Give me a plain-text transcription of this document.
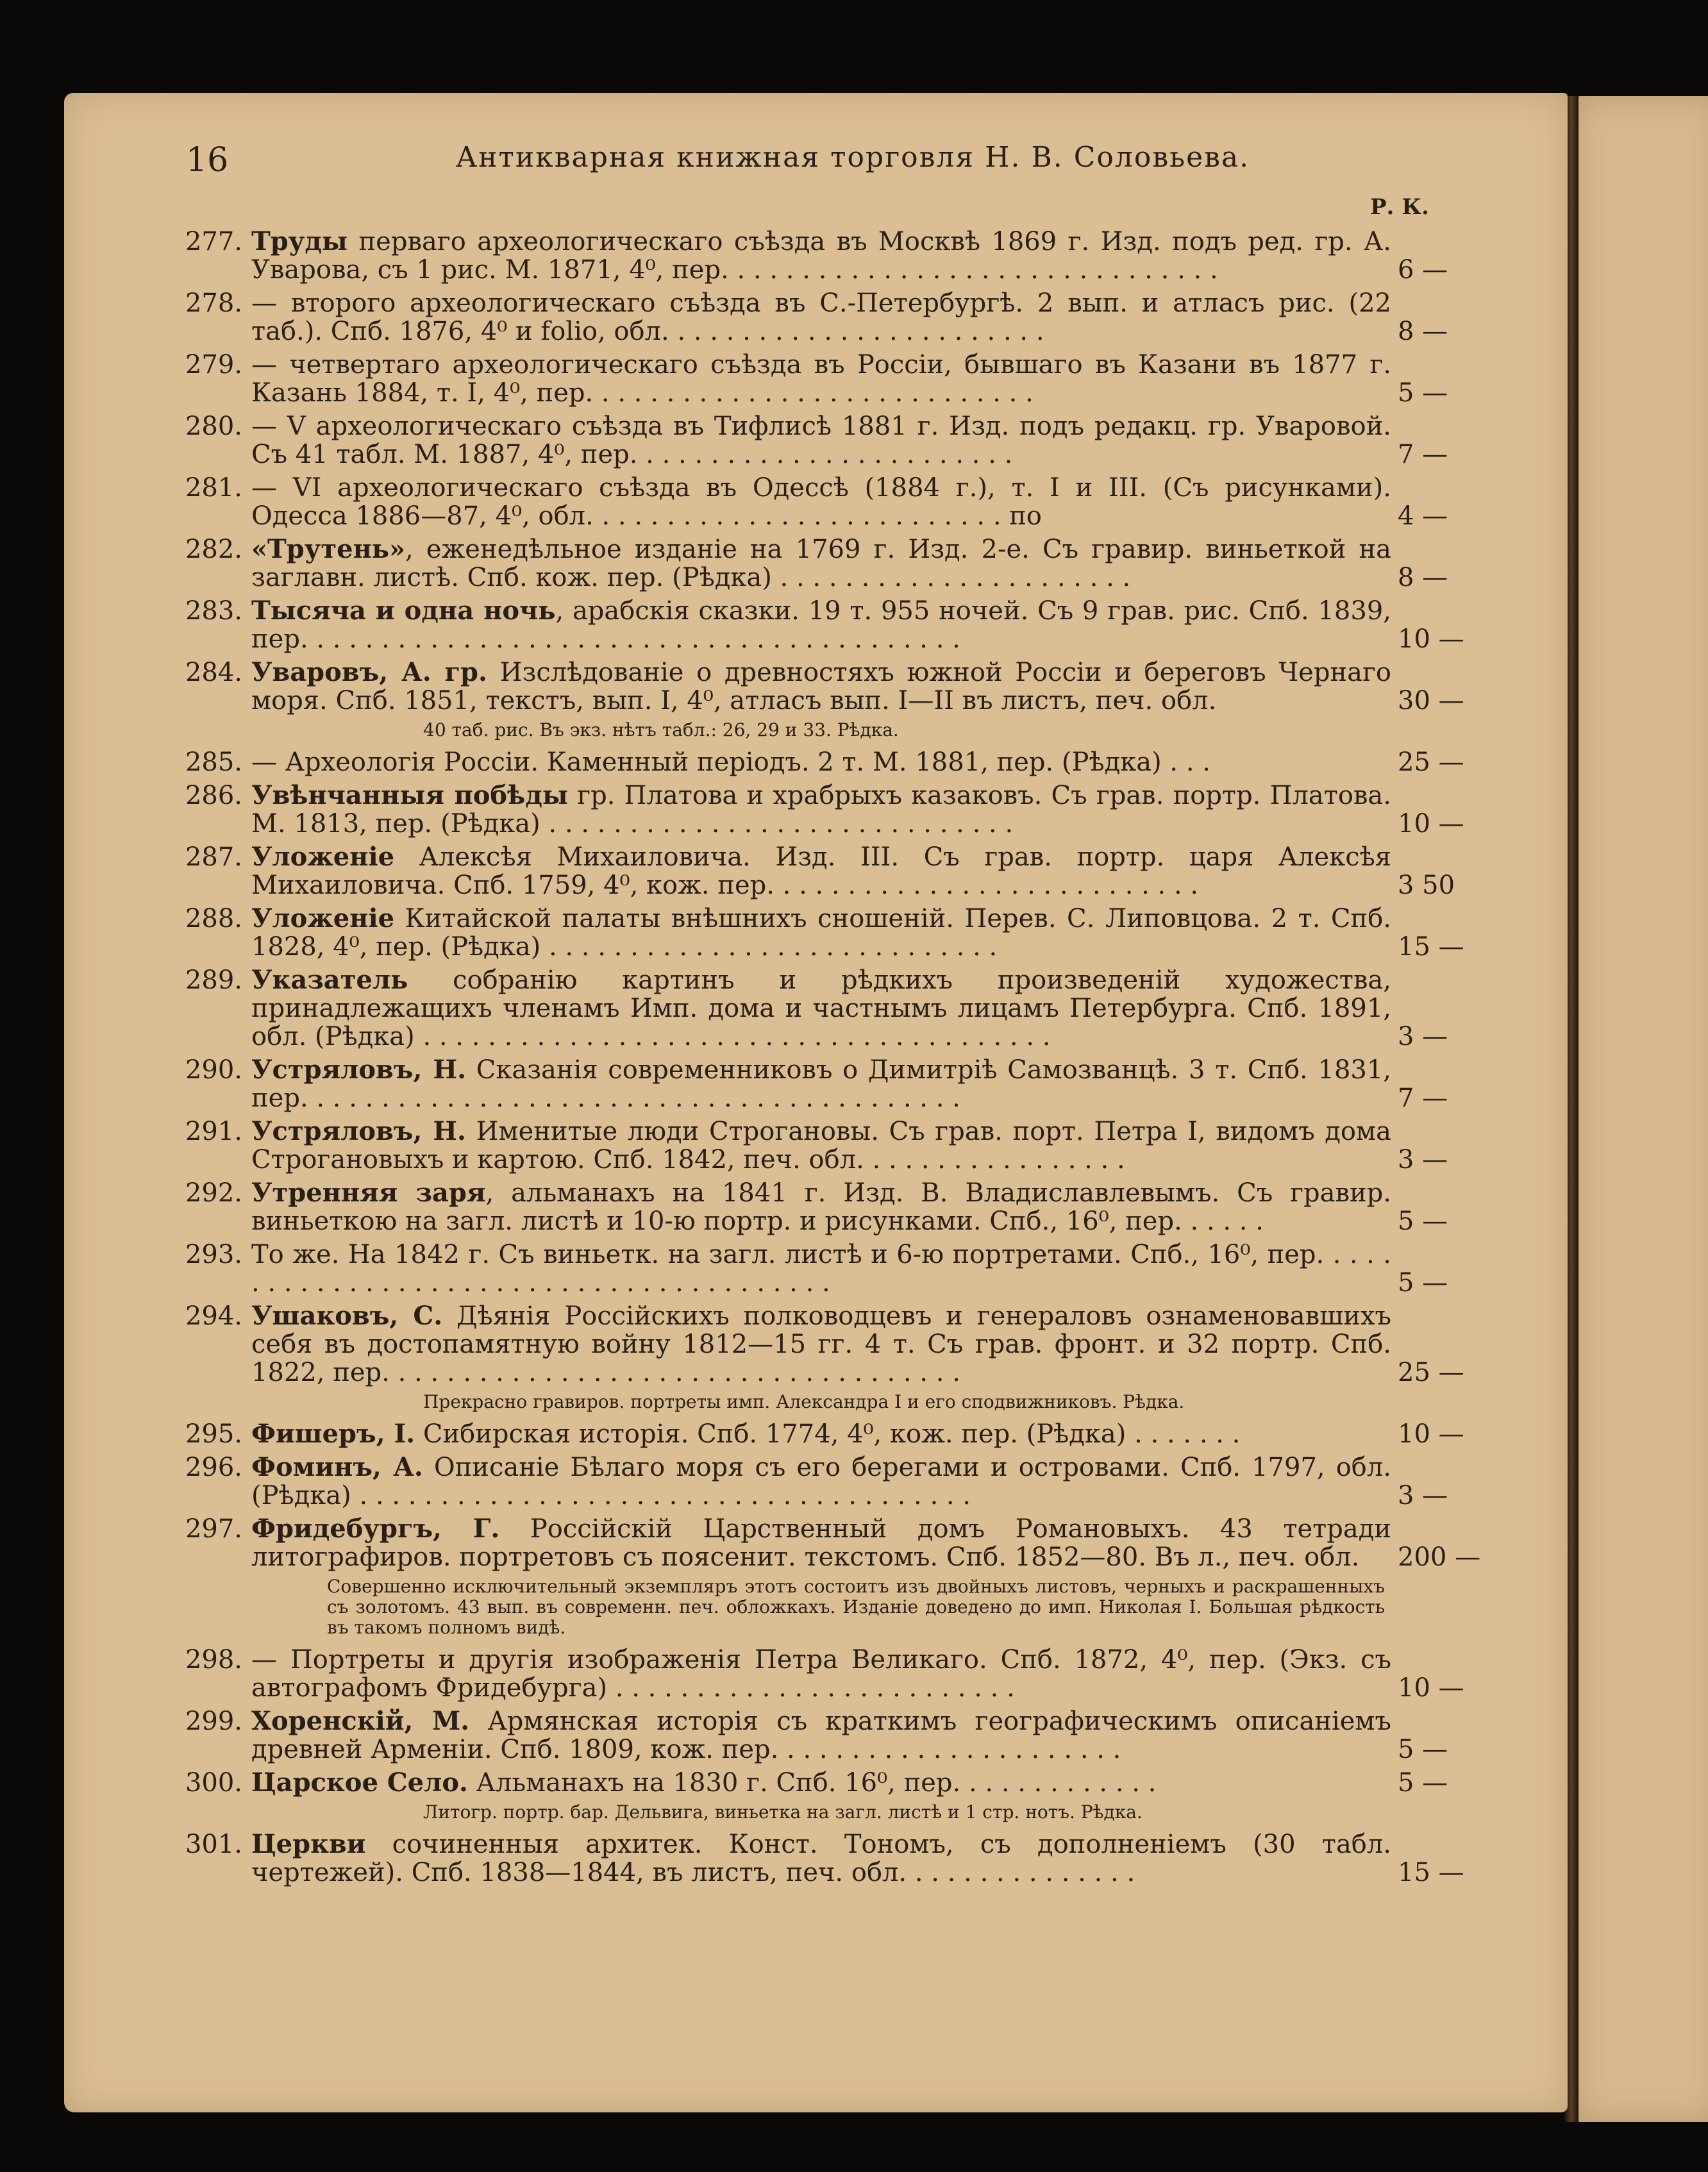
16	Антикварная книжная торговля Н. В. Соловьева.
Р. К.
277. Труды перваго археологическаго съѣзда въ Москвѣ 1869 г. Изд. подъ ред. гр. А. Уварова, съ 1 рис. М. 1871, 4⁰, пер. . . . . . . . . . . . . . . . . . . . . . . . . . . . . . .	6 —
278. — второго археологическаго съѣзда въ С.-Петербургѣ. 2 вып. и атласъ рис. (22 таб.). Спб. 1876, 4⁰ и folio, обл. . . . . . . . . . . . . . . . . . . . . . . .	8 —
279. — четвертаго археологическаго съѣзда въ Россіи, бывшаго въ Казани въ 1877 г. Казань 1884, т. I, 4⁰, пер. . . . . . . . . . . . . . . . . . . . . . . . . . . .	5 —
280. — V археологическаго съѣзда въ Тифлисѣ 1881 г. Изд. подъ редакц. гр. Уваровой. Съ 41 табл. М. 1887, 4⁰, пер. . . . . . . . . . . . . . . . . . . . . . . .	7 —
281. — VI археологическаго съѣзда въ Одессѣ (1884 г.), т. I и III. (Съ рисунками). Одесса 1886—87, 4⁰, обл. . . . . . . . . . . . . . . . . . . . . . . . . . по	4 —
282. «Трутень», еженедѣльное изданіе на 1769 г. Изд. 2-е. Съ гравир. виньеткой на заглавн. листѣ. Спб. кож. пер. (Рѣдка) . . . . . . . . . . . . . . . . . . . . . .	8 —
283. Тысяча и одна ночь, арабскія сказки. 19 т. 955 ночей. Съ 9 грав. рис. Спб. 1839, пер. . . . . . . . . . . . . . . . . . . . . . . . . . . . . . . . . . . . . . . . .	10 —
284. Уваровъ, А. гр. Изслѣдованіе о древностяхъ южной Россіи и береговъ Чернаго моря. Спб. 1851, текстъ, вып. I, 4⁰, атласъ вып. I—II въ листъ, печ. обл.	30 —
40 таб. рис. Въ экз. нѣтъ табл.: 26, 29 и 33. Рѣдка.
285. — Археологія Россіи. Каменный періодъ. 2 т. М. 1881, пер. (Рѣдка) . . .	25 —
286. Увѣнчанныя побѣды гр. Платова и храбрыхъ казаковъ. Съ грав. портр. Платова. М. 1813, пер. (Рѣдка) . . . . . . . . . . . . . . . . . . . . . . . . . . . . .	10 —
287. Уложеніе Алексѣя Михаиловича. Изд. III. Съ грав. портр. царя Алексѣя Михаиловича. Спб. 1759, 4⁰, кож. пер. . . . . . . . . . . . . . . . . . . . . . . . . . .	3 50
288. Уложеніе Китайской палаты внѣшнихъ сношеній. Перев. С. Липовцова. 2 т. Спб. 1828, 4⁰, пер. (Рѣдка) . . . . . . . . . . . . . . . . . . . . . . . . . . . .	15 —
289. Указатель собранію картинъ и рѣдкихъ произведеній художества, принадлежащихъ членамъ Имп. дома и частнымъ лицамъ Петербурга. Спб. 1891, обл. (Рѣдка) . . . . . . . . . . . . . . . . . . . . . . . . . . . . . . . . . . . . . . .	3 —
290. Устряловъ, Н. Сказанія современниковъ о Димитріѣ Самозванцѣ. 3 т. Спб. 1831, пер. . . . . . . . . . . . . . . . . . . . . . . . . . . . . . . . . . . . . . . . .	7 —
291. Устряловъ, Н. Именитые люди Строгановы. Съ грав. порт. Петра I, видомъ дома Строгановыхъ и картою. Спб. 1842, печ. обл. . . . . . . . . . . . . . . . .	3 —
292. Утренняя заря, альманахъ на 1841 г. Изд. В. Владиславлевымъ. Съ гравир. виньеткою на загл. листѣ и 10-ю портр. и рисунками. Спб., 16⁰, пер. . . . . .	5 —
293. То же. На 1842 г. Съ виньетк. на загл. листѣ и 6-ю портретами. Спб., 16⁰, пер. . . . . . . . . . . . . . . . . . . . . . . . . . . . . . . . . . . . . . . . .	5 —
294. Ушаковъ, С. Дѣянія Россійскихъ полководцевъ и генераловъ ознаменовавшихъ себя въ достопамятную войну 1812—15 гг. 4 т. Съ грав. фронт. и 32 портр. Спб. 1822, пер. . . . . . . . . . . . . . . . . . . . . . . . . . . . . . . . . . . .	25 —
Прекрасно гравиров. портреты имп. Александра I и его сподвижниковъ. Рѣдка.
295. Фишеръ, І. Сибирская исторія. Спб. 1774, 4⁰, кож. пер. (Рѣдка) . . . . . . .	10 —
296. Фоминъ, А. Описаніе Бѣлаго моря съ его берегами и островами. Спб. 1797, обл. (Рѣдка) . . . . . . . . . . . . . . . . . . . . . . . . . . . . . . . . . . . . . .	3 —
297. Фридебургъ, Г. Россійскій Царственный домъ Романовыхъ. 43 тетради литографиров. портретовъ съ поясенит. текстомъ. Спб. 1852—80. Въ л., печ. обл.	200 —
Совершенно исключительный экземпляръ этотъ состоитъ изъ двойныхъ листовъ, черныхъ и раскрашенныхъ съ золотомъ. 43 вып. въ современн. печ. обложкахъ. Изданіе доведено до имп. Николая I. Большая рѣдкость въ такомъ полномъ видѣ.
298. — Портреты и другія изображенія Петра Великаго. Спб. 1872, 4⁰, пер. (Экз. съ автографомъ Фридебурга) . . . . . . . . . . . . . . . . . . . . . . . . .	10 —
299. Хоренскій, М. Армянская исторія съ краткимъ географическимъ описаніемъ древней Арменіи. Спб. 1809, кож. пер. . . . . . . . . . . . . . . . . . . . . .	5 —
300. Царское Село. Альманахъ на 1830 г. Спб. 16⁰, пер. . . . . . . . . . . . .	5 —
Литогр. портр. бар. Дельвига, виньетка на загл. листѣ и 1 стр. нотъ. Рѣдка.
301. Церкви сочиненныя архитек. Конст. Тономъ, съ дополненіемъ (30 табл. чертежей). Спб. 1838—1844, въ листъ, печ. обл. . . . . . . . . . . . . . .	15 —
